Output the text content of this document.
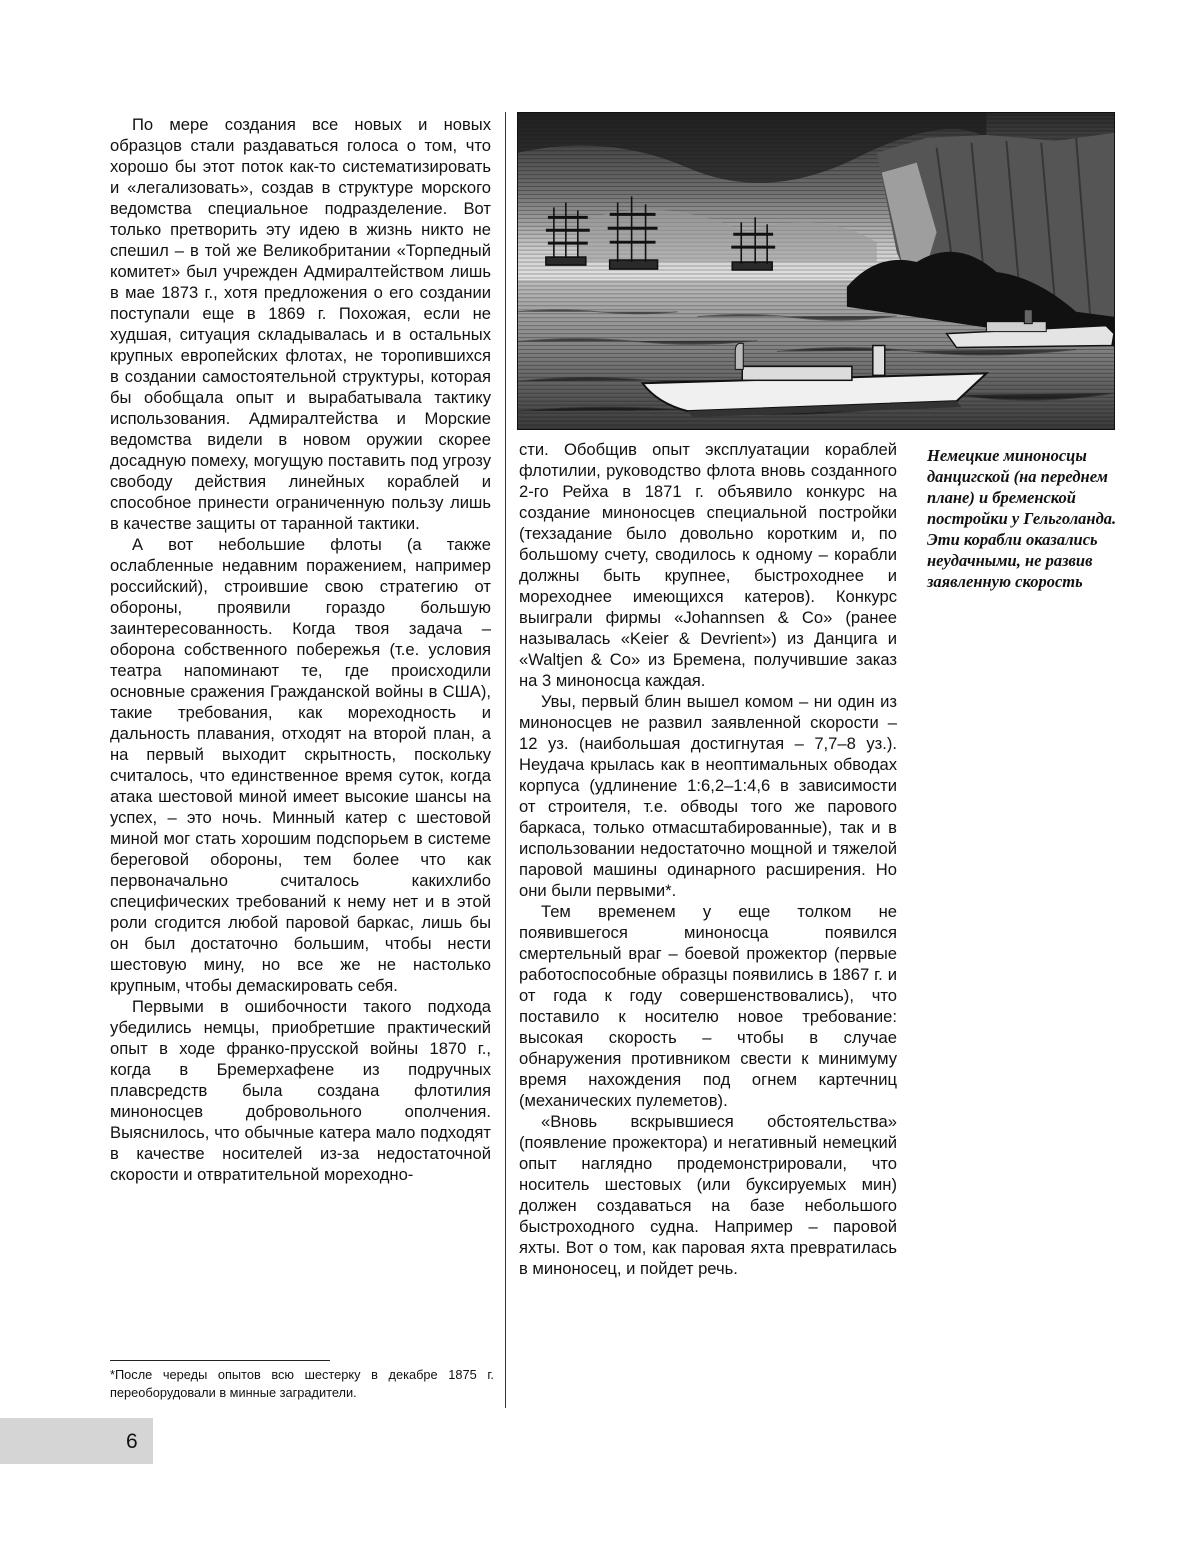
По мере создания все новых и новых образцов стали раздаваться голоса о том, что хорошо бы этот поток как-то систематизировать и «легализовать», создав в структуре морского ведомства специальное подразделение. Вот только претворить эту идею в жизнь никто не спешил – в той же Великобритании «Торпедный комитет» был учрежден Адмиралтейством лишь в мае 1873 г., хотя предложения о его создании поступали еще в 1869 г. Похожая, если не худшая, ситуация складывалась и в остальных крупных европейских флотах, не торопившихся в создании самостоятельной структуры, которая бы обобщала опыт и вырабатывала тактику использования. Адмиралтейства и Морские ведомства видели в новом оружии скорее досадную помеху, могущую поставить под угрозу свободу действия линейных кораблей и способное принести ограниченную пользу лишь в качестве защиты от таранной тактики.

А вот небольшие флоты (а также ослабленные недавним поражением, например российский), строившие свою стратегию от обороны, проявили гораздо большую заинтересованность. Когда твоя задача – оборона собственного побережья (т.е. условия театра напоминают те, где происходили основные сражения Гражданской войны в США), такие требования, как мореходность и дальность плавания, отходят на второй план, а на первый выходит скрытность, поскольку считалось, что единственное время суток, когда атака шестовой миной имеет высокие шансы на успех, – это ночь. Минный катер с шестовой миной мог стать хорошим подспорьем в системе береговой обороны, тем более что как первоначально считалось какихлибо специфических требований к нему нет и в этой роли сгодится любой паровой баркас, лишь бы он был достаточно большим, чтобы нести шестовую мину, но все же не настолько крупным, чтобы демаскировать себя.

Первыми в ошибочности такого подхода убедились немцы, приобретшие практический опыт в ходе франко-прусской войны 1870 г., когда в Бремерхафене из подручных плавсредств была создана флотилия миноносцев добровольного ополчения. Выяснилось, что обычные катера мало подходят в качестве носителей из-за недостаточной скорости и отвратительной мореходно-

сти. Обобщив опыт эксплуатации кораблей флотилии, руководство флота вновь созданного 2-го Рейха в 1871 г. объявило конкурс на создание миноносцев специальной постройки (техзадание было довольно коротким и, по большому счету, сводилось к одному – корабли должны быть крупнее, быстроходнее и мореходнее имеющихся катеров). Конкурс выиграли фирмы «Johannsen & Co» (ранее называлась «Keier & Devrient») из Данцига и «Waltjen & Co» из Бремена, получившие заказ на 3 миноносца каждая.

Увы, первый блин вышел комом – ни один из миноносцев не развил заявленной скорости – 12 уз. (наибольшая достигнутая – 7,7–8 уз.). Неудача крылась как в неоптимальных обводах корпуса (удлинение 1:6,2–1:4,6 в зависимости от строителя, т.е. обводы того же парового баркаса, только отмасштабированные), так и в использовании недостаточно мощной и тяжелой паровой машины одинарного расширения. Но они были первыми*.

Тем временем у еще толком не появившегося миноносца появился смертельный враг – боевой прожектор (первые работоспособные образцы появились в 1867 г. и от года к году совершенствовались), что поставило к носителю новое требование: высокая скорость – чтобы в случае обнаружения противником свести к минимуму время нахождения под огнем картечниц (механических пулеметов).

«Вновь вскрывшиеся обстоятельства» (появление прожектора) и негативный немецкий опыт наглядно продемонстрировали, что носитель шестовых (или буксируемых мин) должен создаваться на базе небольшого быстроходного судна. Например – паровой яхты. Вот о том, как паровая яхта превратилась в миноносец, и пойдет речь.

Немецкие миноносцы данцигской (на переднем плане) и бременской постройки у Гельголанда. Эти корабли оказались неудачными, не развив заявленную скорость
*После череды опытов всю шестерку в декабре 1875 г. переоборудовали в минные заградители.
6
